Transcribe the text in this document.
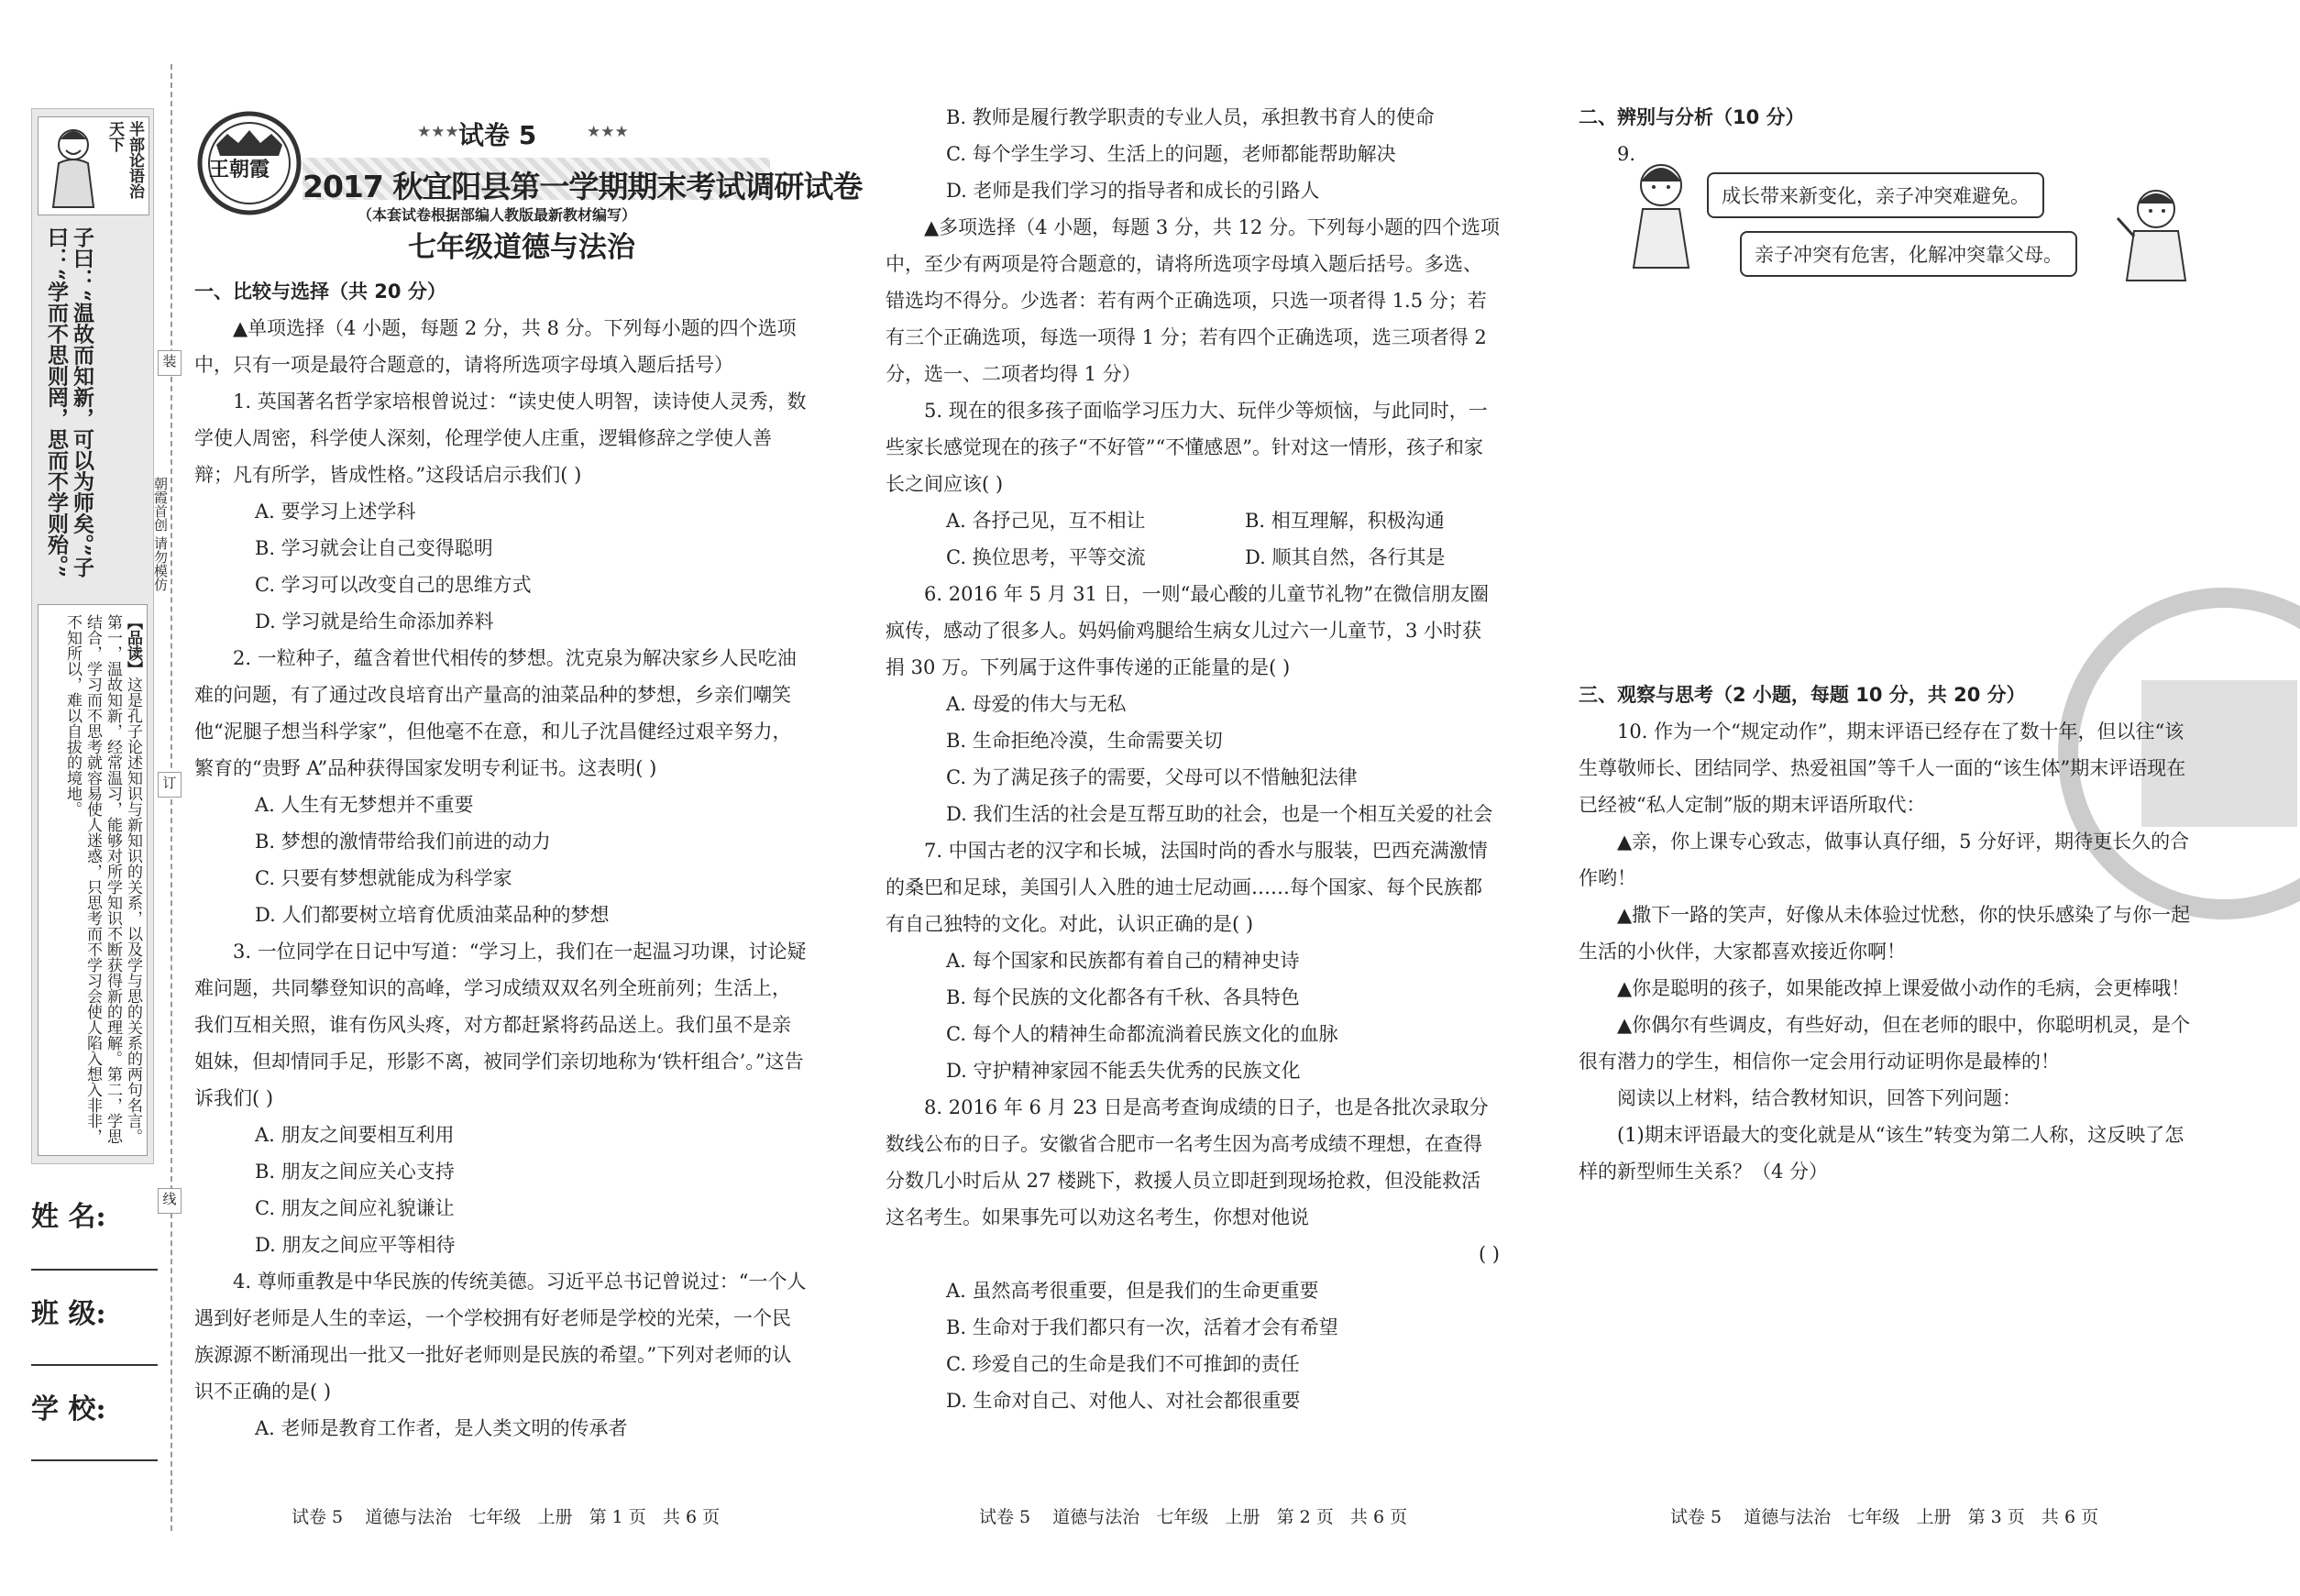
半部论语治天下
子曰：“温故而知新，可以为师矣。”子曰：“学而不思则罔，思而不学则殆。”
【品读】这是孔子论述知识与新知识的关系，以及学与思的关系的两句名言。第一，温故知新，经常温习，能够对所学知识不断获得新的理解。第二，学思结合，学习而不思考就容易使人迷惑，只思考而不学习会使人陷入想入非非，不知所以，难以自拔的境地。
装
订
线
朝霞首创 请勿模仿
姓 名:
班 级:
学 校:
王朝霞
★★★ 试卷 5	★★★
2017 秋宜阳县第一学期期末考试调研试卷
（本套试卷根据部编人教版最新教材编写）
七年级道德与法治

一、比较与选择（共 20 分）

▲单项选择（4 小题，每题 2 分，共 8 分。下列每小题的四个选项中，只有一项是最符合题意的，请将所选项字母填入题后括号）

1. 英国著名哲学家培根曾说过：“读史使人明智，读诗使人灵秀，数学使人周密，科学使人深刻，伦理学使人庄重，逻辑修辞之学使人善辩；凡有所学，皆成性格。”这段话启示我们( )

A. 要学习上述学科

B. 学习就会让自己变得聪明

C. 学习可以改变自己的思维方式

D. 学习就是给生命添加养料

2. 一粒种子，蕴含着世代相传的梦想。沈克泉为解决家乡人民吃油难的问题，有了通过改良培育出产量高的油菜品种的梦想，乡亲们嘲笑他“泥腿子想当科学家”，但他毫不在意，和儿子沈昌健经过艰辛努力，繁育的“贵野 A”品种获得国家发明专利证书。这表明( )

A. 人生有无梦想并不重要

B. 梦想的激情带给我们前进的动力

C. 只要有梦想就能成为科学家

D. 人们都要树立培育优质油菜品种的梦想

3. 一位同学在日记中写道：“学习上，我们在一起温习功课，讨论疑难问题，共同攀登知识的高峰，学习成绩双双名列全班前列；生活上，我们互相关照，谁有伤风头疼，对方都赶紧将药品送上。我们虽不是亲姐妹，但却情同手足，形影不离，被同学们亲切地称为‘铁杆组合’。”这告诉我们( )

A. 朋友之间要相互利用

B. 朋友之间应关心支持

C. 朋友之间应礼貌谦让

D. 朋友之间应平等相待

4. 尊师重教是中华民族的传统美德。习近平总书记曾说过：“一个人遇到好老师是人生的幸运，一个学校拥有好老师是学校的光荣，一个民族源源不断涌现出一批又一批好老师则是民族的希望。”下列对老师的认识不正确的是( )

A. 老师是教育工作者，是人类文明的传承者

试卷 5    道德与法治   七年级   上册   第 1 页   共 6 页

B. 教师是履行教学职责的专业人员，承担教书育人的使命

C. 每个学生学习、生活上的问题，老师都能帮助解决

D. 老师是我们学习的指导者和成长的引路人

▲多项选择（4 小题，每题 3 分，共 12 分。下列每小题的四个选项中，至少有两项是符合题意的，请将所选项字母填入题后括号。多选、错选均不得分。少选者：若有两个正确选项，只选一项者得 1.5 分；若有三个正确选项，每选一项得 1 分；若有四个正确选项，选三项者得 2 分，选一、二项者均得 1 分）

5. 现在的很多孩子面临学习压力大、玩伴少等烦恼，与此同时，一些家长感觉现在的孩子“不好管”“不懂感恩”。针对这一情形，孩子和家长之间应该( )

A. 各抒己见，互不相让	B. 相互理解，积极沟通

C. 换位思考，平等交流	D. 顺其自然，各行其是

6. 2016 年 5 月 31 日，一则“最心酸的儿童节礼物”在微信朋友圈疯传，感动了很多人。妈妈偷鸡腿给生病女儿过六一儿童节，3 小时获捐 30 万。下列属于这件事传递的正能量的是( )

A. 母爱的伟大与无私

B. 生命拒绝冷漠，生命需要关切

C. 为了满足孩子的需要，父母可以不惜触犯法律

D. 我们生活的社会是互帮互助的社会，也是一个相互关爱的社会

7. 中国古老的汉字和长城，法国时尚的香水与服装，巴西充满激情的桑巴和足球，美国引人入胜的迪士尼动画……每个国家、每个民族都有自己独特的文化。对此，认识正确的是( )

A. 每个国家和民族都有着自己的精神史诗

B. 每个民族的文化都各有千秋、各具特色

C. 每个人的精神生命都流淌着民族文化的血脉

D. 守护精神家园不能丢失优秀的民族文化

8. 2016 年 6 月 23 日是高考查询成绩的日子，也是各批次录取分数线公布的日子。安徽省合肥市一名考生因为高考成绩不理想，在查得分数几小时后从 27 楼跳下，救援人员立即赶到现场抢救，但没能救活这名考生。如果事先可以劝这名考生，你想对他说

( )

A. 虽然高考很重要，但是我们的生命更重要

B. 生命对于我们都只有一次，活着才会有希望

C. 珍爱自己的生命是我们不可推卸的责任

D. 生命对自己、对他人、对社会都很重要

试卷 5    道德与法治   七年级   上册   第 2 页   共 6 页

二、辨别与分析（10 分）

9.

成长带来新变化，亲子冲突难避免。
亲子冲突有危害，化解冲突靠父母。

三、观察与思考（2 小题，每题 10 分，共 20 分）

10. 作为一个“规定动作”，期末评语已经存在了数十年，但以往“该生尊敬师长、团结同学、热爱祖国”等千人一面的“该生体”期末评语现在已经被“私人定制”版的期末评语所取代：

▲亲，你上课专心致志，做事认真仔细，5 分好评，期待更长久的合作哟！

▲撒下一路的笑声，好像从未体验过忧愁，你的快乐感染了与你一起生活的小伙伴，大家都喜欢接近你啊！

▲你是聪明的孩子，如果能改掉上课爱做小动作的毛病，会更棒哦！

▲你偶尔有些调皮，有些好动，但在老师的眼中，你聪明机灵，是个很有潜力的学生，相信你一定会用行动证明你是最棒的！

阅读以上材料，结合教材知识，回答下列问题：

(1)期末评语最大的变化就是从“该生”转变为第二人称，这反映了怎样的新型师生关系？（4 分）

试卷 5    道德与法治   七年级   上册   第 3 页   共 6 页
